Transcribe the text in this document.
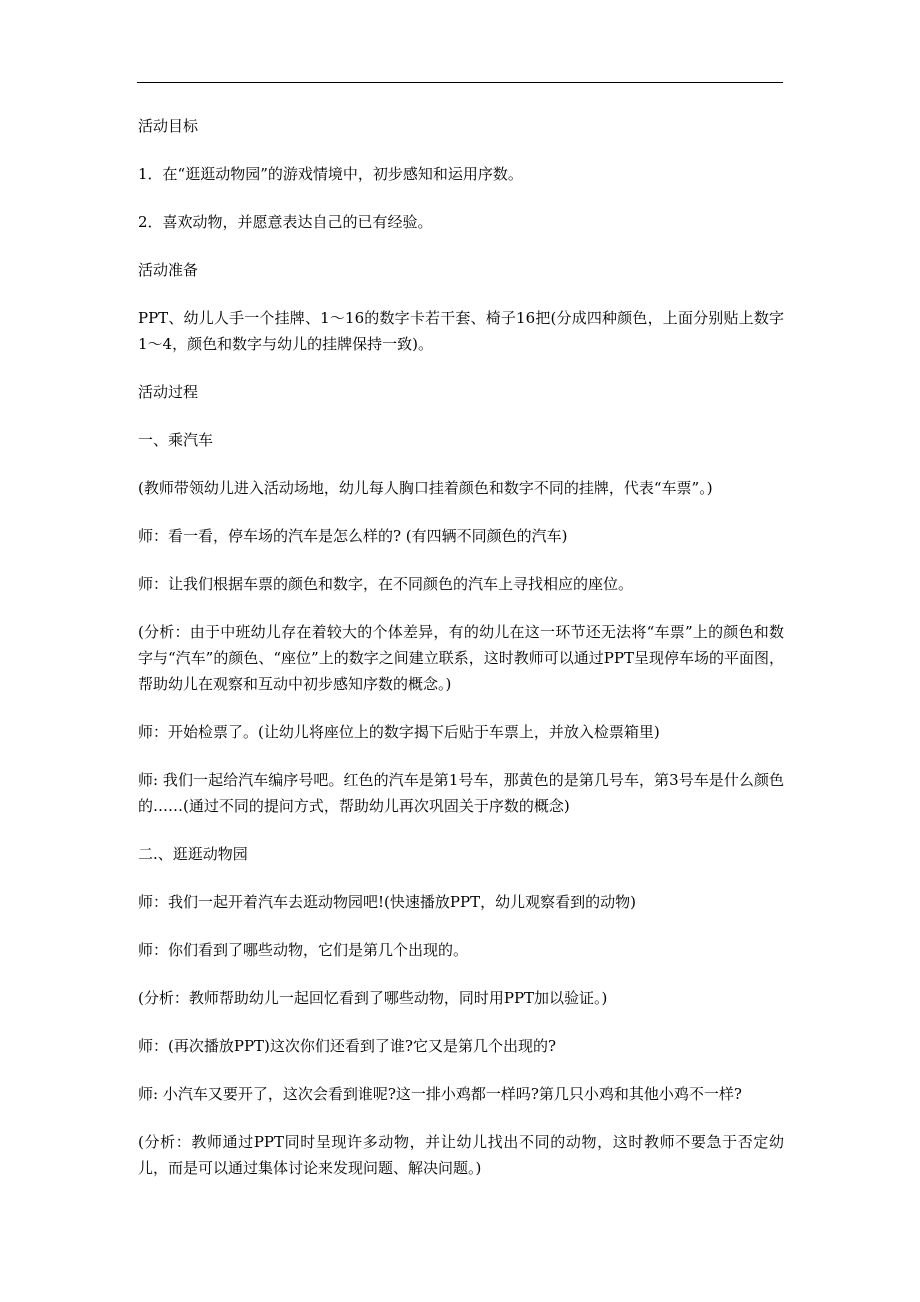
活动目标

1．在“逛逛动物园”的游戏情境中，初步感知和运用序数。

2．喜欢动物，并愿意表达自己的已有经验。

活动准备

PPT、幼儿人手一个挂牌、1～16的数字卡若干套、椅子16把(分成四种颜色，上面分别贴上数字1～4，颜色和数字与幼儿的挂牌保持一致)。

活动过程

一、乘汽车

(教师带领幼儿进入活动场地，幼儿每人胸口挂着颜色和数字不同的挂牌，代表“车票”。)

师：看一看，停车场的汽车是怎么样的? (有四辆不同颜色的汽车)

师：让我们根据车票的颜色和数字，在不同颜色的汽车上寻找相应的座位。

(分析：由于中班幼儿存在着较大的个体差异，有的幼儿在这一环节还无法将“车票”上的颜色和数字与“汽车”的颜色、“座位”上的数字之间建立联系，这时教师可以通过PPT呈现停车场的平面图，帮助幼儿在观察和互动中初步感知序数的概念。)

师：开始检票了。(让幼儿将座位上的数字揭下后贴于车票上，并放入检票箱里)

师: 我们一起给汽车编序号吧。红色的汽车是第1号车，那黄色的是第几号车，第3号车是什么颜色的……(通过不同的提问方式，帮助幼儿再次巩固关于序数的概念)

二.、逛逛动物园

师：我们一起开着汽车去逛动物园吧!(快速播放PPT，幼儿观察看到的动物)

师：你们看到了哪些动物，它们是第几个出现的。

(分析：教师帮助幼儿一起回忆看到了哪些动物，同时用PPT加以验证。)

师：(再次播放PPT)这次你们还看到了谁?它又是第几个出现的?

师: 小汽车又要开了，这次会看到谁呢?这一排小鸡都一样吗?第几只小鸡和其他小鸡不一样?

(分析：教师通过PPT同时呈现许多动物，并让幼儿找出不同的动物，这时教师不要急于否定幼儿，而是可以通过集体讨论来发现问题、解决问题。)
